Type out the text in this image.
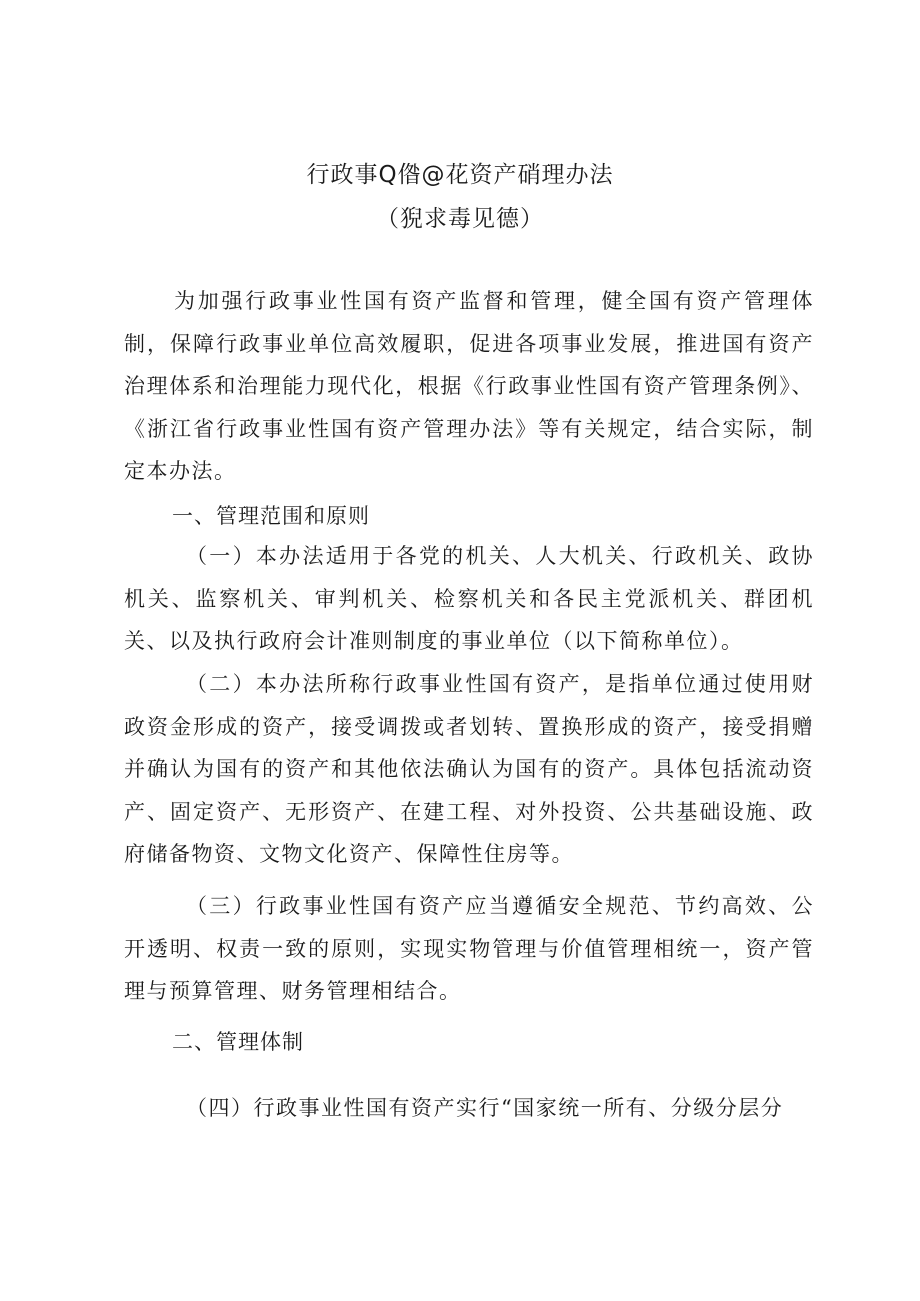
行政事Q偺@花资产硝理办法
（猊求毒见德）

为加强行政事业性国有资产监督和管理，健全国有资产管理体制，保障行政事业单位高效履职，促进各项事业发展，推进国有资产治理体系和治理能力现代化，根据《行政事业性国有资产管理条例》、《浙江省行政事业性国有资产管理办法》等有关规定，结合实际，制定本办法。

一、管理范围和原则

（一）本办法适用于各党的机关、人大机关、行政机关、政协机关、监察机关、审判机关、检察机关和各民主党派机关、群团机关、以及执行政府会计准则制度的事业单位（以下简称单位）。

（二）本办法所称行政事业性国有资产，是指单位通过使用财政资金形成的资产，接受调拨或者划转、置换形成的资产，接受捐赠并确认为国有的资产和其他依法确认为国有的资产。具体包括流动资产、固定资产、无形资产、在建工程、对外投资、公共基础设施、政府储备物资、文物文化资产、保障性住房等。

（三）行政事业性国有资产应当遵循安全规范、节约高效、公开透明、权责一致的原则，实现实物管理与价值管理相统一，资产管理与预算管理、财务管理相结合。

二、管理体制

（四）行政事业性国有资产实行“国家统一所有、分级分层分
